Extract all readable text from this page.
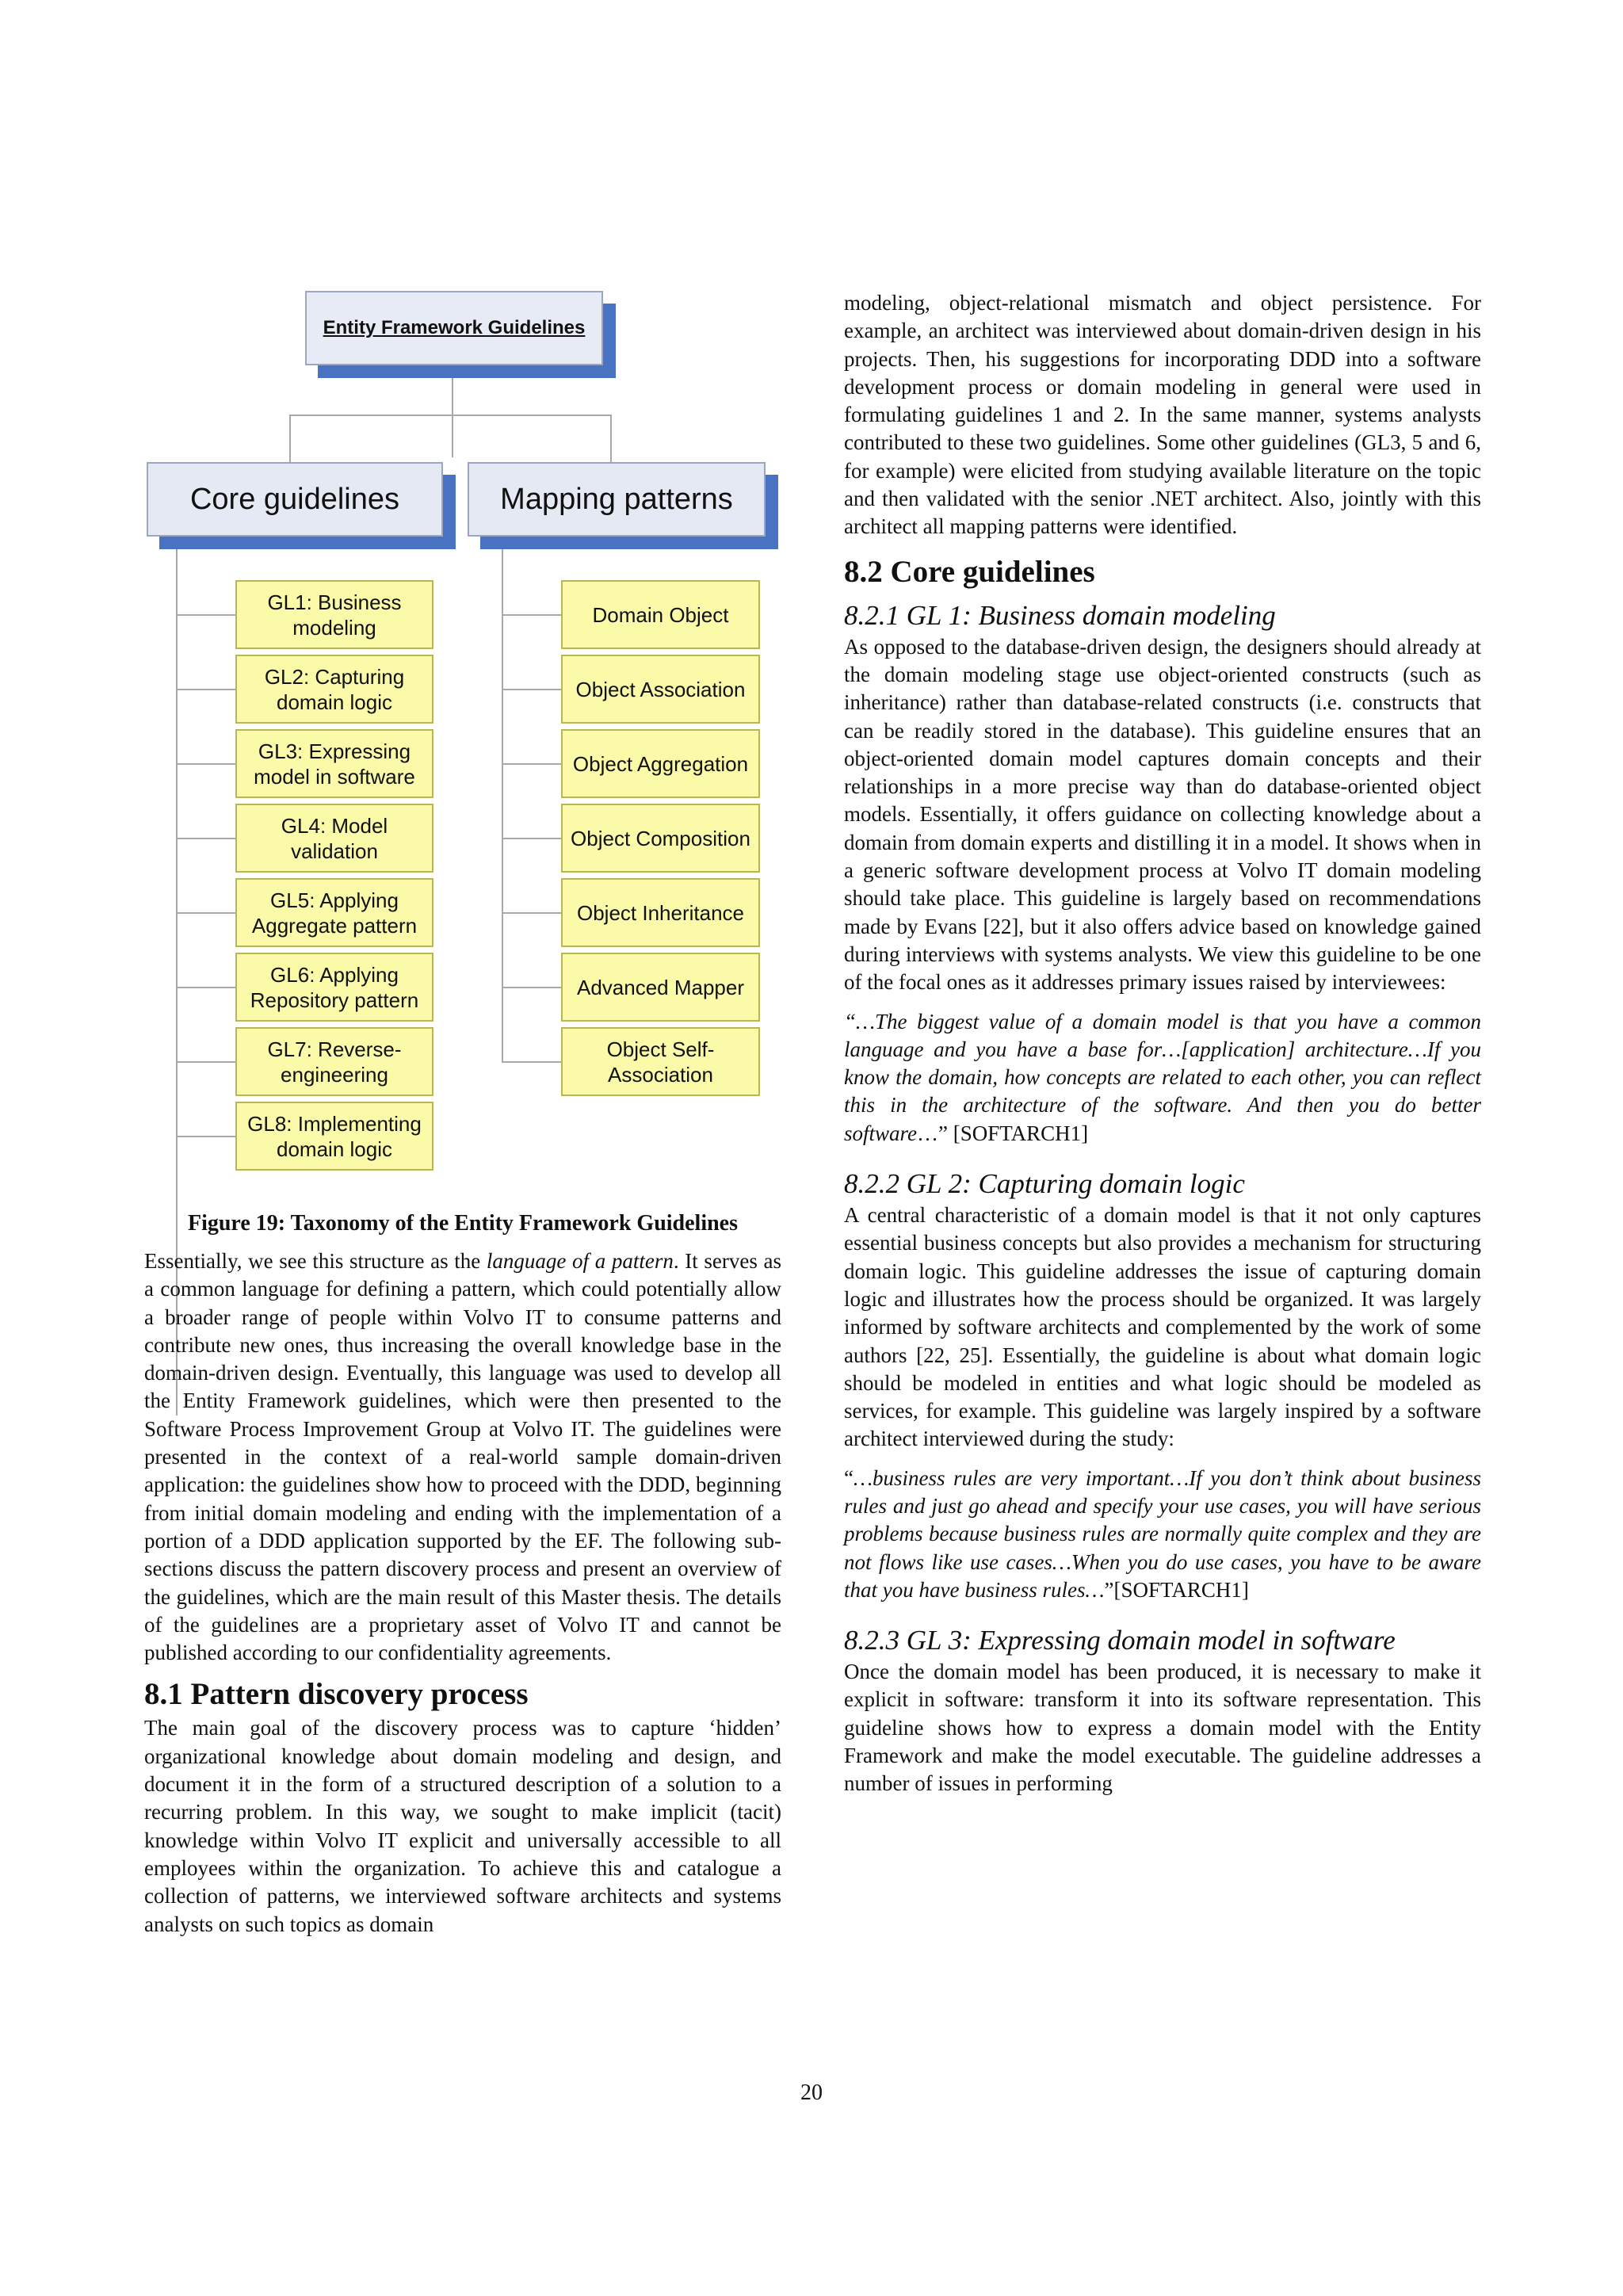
Entity Framework Guidelines
Core guidelines	Mapping patterns
GL1: Business modeling
GL2: Capturing domain logic
GL3: Expressing model in software
GL4: Model validation
GL5: Applying Aggregate pattern
GL6: Applying Repository pattern
GL7: Reverse-engineering
GL8: Implementing domain logic
Domain Object
Object Association
Object Aggregation
Object Composition
Object Inheritance
Advanced Mapper
Object Self-Association
Figure 19: Taxonomy of the Entity Framework Guidelines

Essentially, we see this structure as the language of a pattern. It serves as a common language for defining a pattern, which could potentially allow a broader range of people within Volvo IT to consume patterns and contribute new ones, thus increasing the overall knowledge base in the domain-driven design. Eventually, this language was used to develop all the Entity Framework guidelines, which were then presented to the Software Process Improvement Group at Volvo IT. The guidelines were presented in the context of a real-world sample domain-driven application: the guidelines show how to proceed with the DDD, beginning from initial domain modeling and ending with the implementation of a portion of a DDD application supported by the EF. The following sub-sections discuss the pattern discovery process and present an overview of the guidelines, which are the main result of this Master thesis. The details of the guidelines are a proprietary asset of Volvo IT and cannot be published according to our confidentiality agreements.

8.1 Pattern discovery process

The main goal of the discovery process was to capture ‘hidden’ organizational knowledge about domain modeling and design, and document it in the form of a structured description of a solution to a recurring problem. In this way, we sought to make implicit (tacit) knowledge within Volvo IT explicit and universally accessible to all employees within the organization. To achieve this and catalogue a collection of patterns, we interviewed software architects and systems analysts on such topics as domain

modeling, object-relational mismatch and object persistence. For example, an architect was interviewed about domain-driven design in his projects. Then, his suggestions for incorporating DDD into a software development process or domain modeling in general were used in formulating guidelines 1 and 2. In the same manner, systems analysts contributed to these two guidelines. Some other guidelines (GL3, 5 and 6, for example) were elicited from studying available literature on the topic and then validated with the senior .NET architect. Also, jointly with this architect all mapping patterns were identified.

8.2 Core guidelines
8.2.1 GL 1: Business domain modeling

As opposed to the database-driven design, the designers should already at the domain modeling stage use object-oriented constructs (such as inheritance) rather than database-related constructs (i.e. constructs that can be readily stored in the database). This guideline ensures that an object-oriented domain model captures domain concepts and their relationships in a more precise way than do database-oriented object models. Essentially, it offers guidance on collecting knowledge about a domain from domain experts and distilling it in a model. It shows when in a generic software development process at Volvo IT domain modeling should take place. This guideline is largely based on recommendations made by Evans [22], but it also offers advice based on knowledge gained during interviews with systems analysts. We view this guideline to be one of the focal ones as it addresses primary issues raised by interviewees:

“…The biggest value of a domain model is that you have a common language and you have a base for…[application] architecture…If you know the domain, how concepts are related to each other, you can reflect this in the architecture of the software. And then you do better software…” [SOFTARCH1]

8.2.2 GL 2: Capturing domain logic

A central characteristic of a domain model is that it not only captures essential business concepts but also provides a mechanism for structuring domain logic. This guideline addresses the issue of capturing domain logic and illustrates how the process should be organized. It was largely informed by software architects and complemented by the work of some authors [22, 25]. Essentially, the guideline is about what domain logic should be modeled in entities and what logic should be modeled as services, for example. This guideline was largely inspired by a software architect interviewed during the study:

“…business rules are very important…If you don’t think about business rules and just go ahead and specify your use cases, you will have serious problems because business rules are normally quite complex and they are not flows like use cases…When you do use cases, you have to be aware that you have business rules…”[SOFTARCH1]

8.2.3 GL 3: Expressing domain model in software

Once the domain model has been produced, it is necessary to make it explicit in software: transform it into its software representation. This guideline shows how to express a domain model with the Entity Framework and make the model executable. The guideline addresses a number of issues in performing

20
